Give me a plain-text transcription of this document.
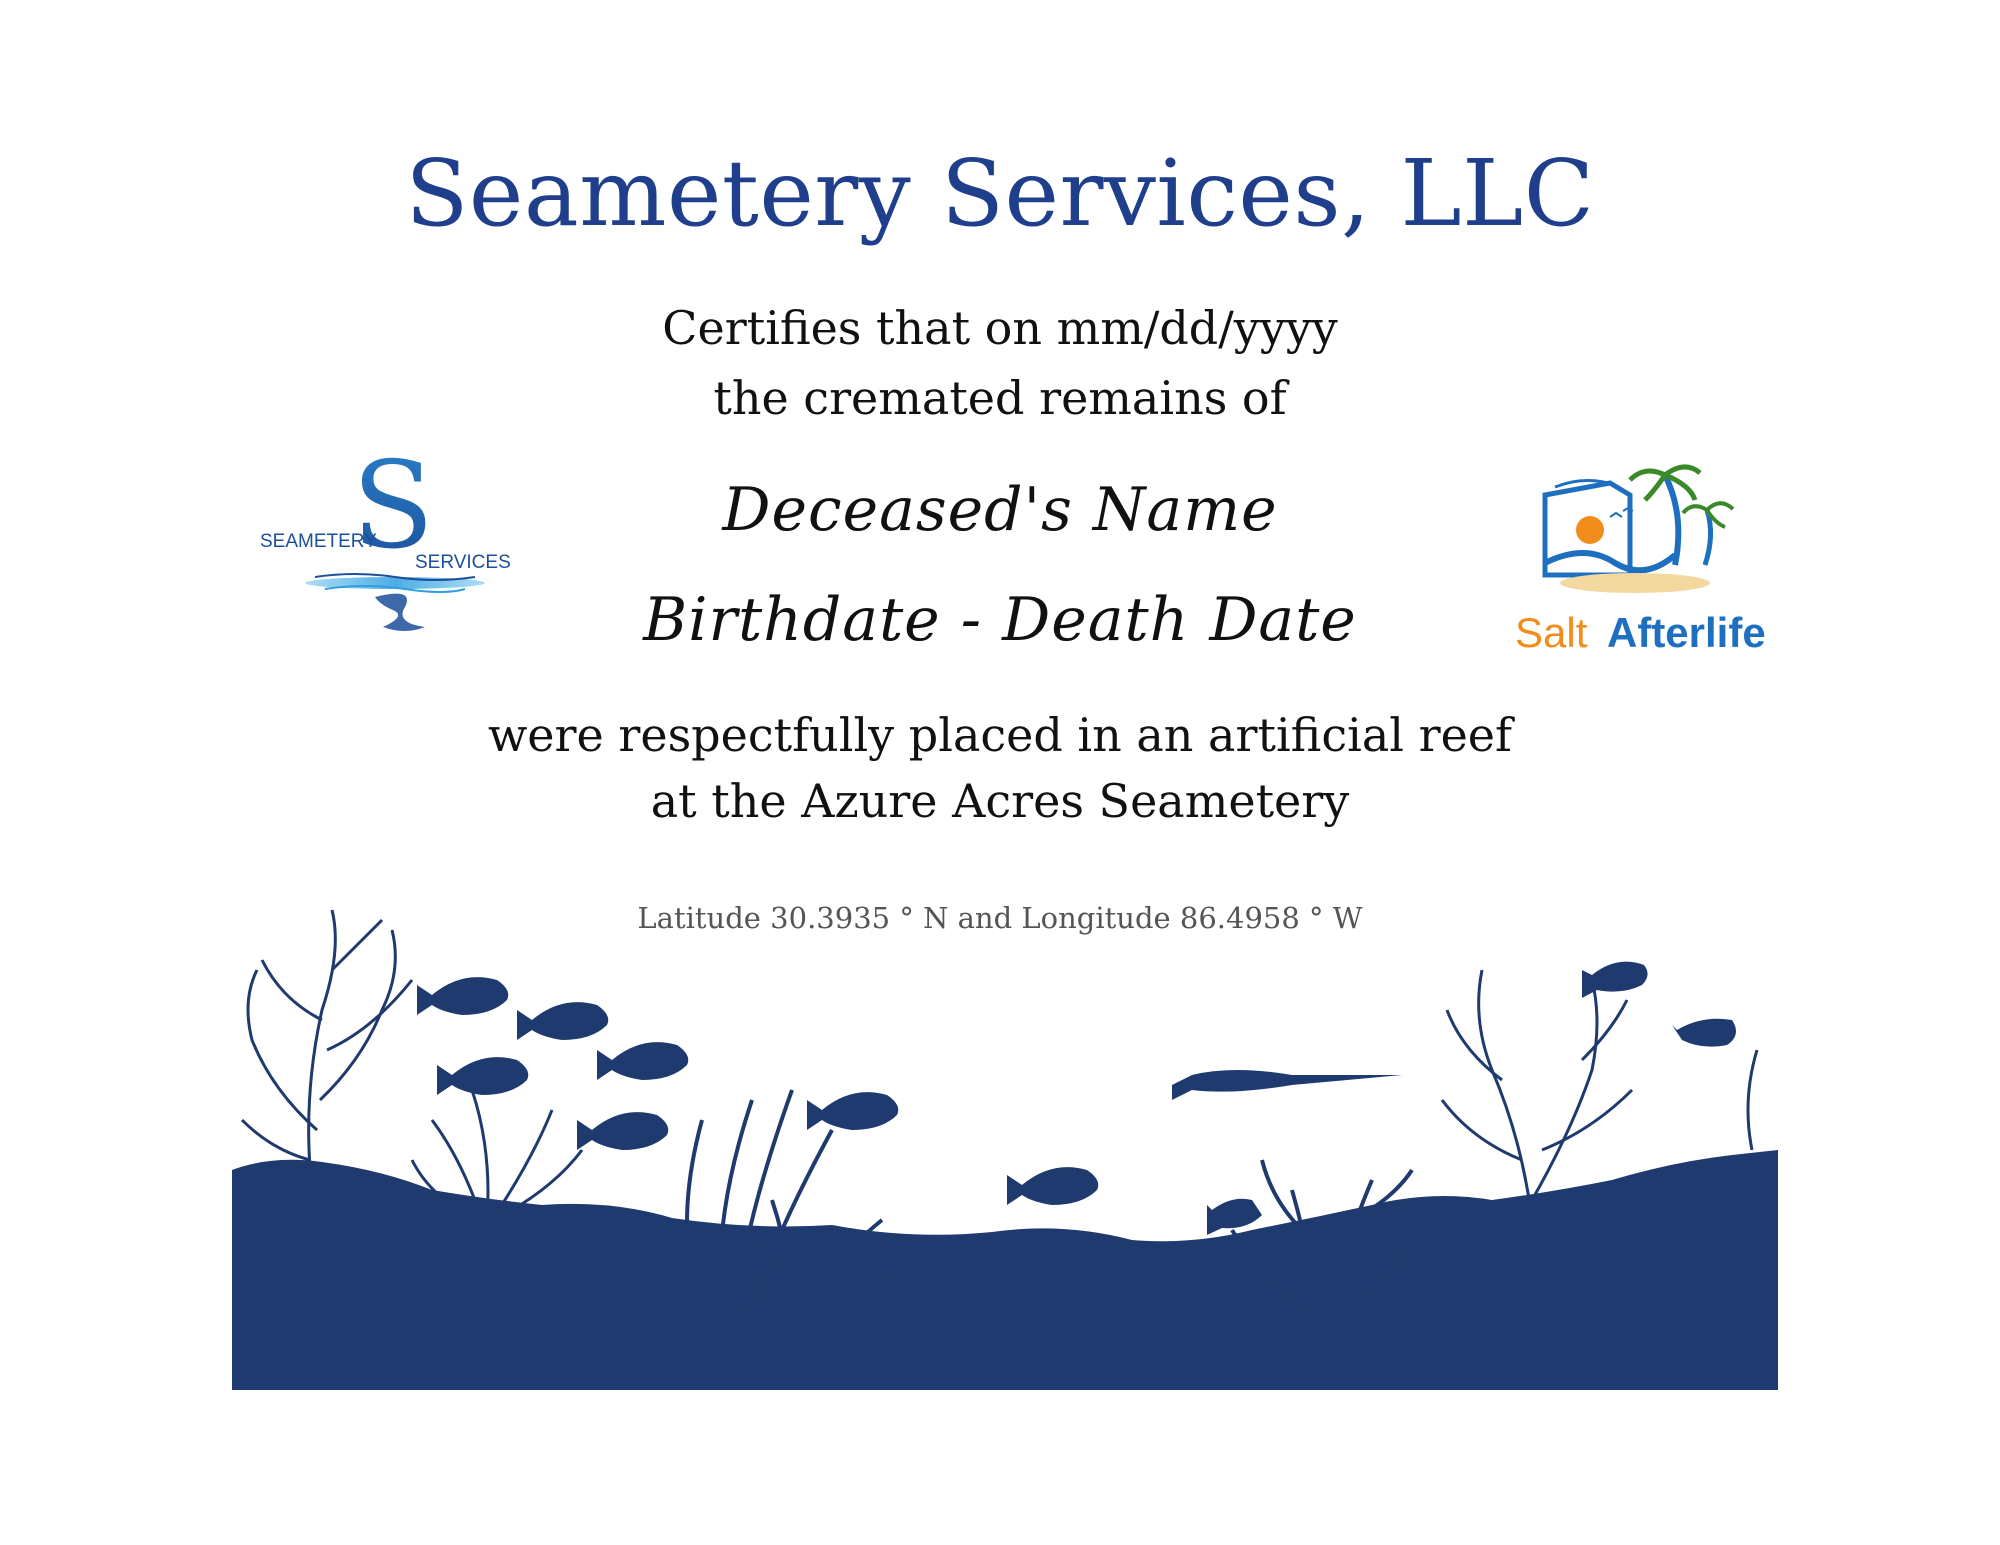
Seametery Services, LLC
Certifies that on mm/dd/yyyy
the cremated remains of
Deceased's Name
Birthdate - Death Date
were respectfully placed in an artificial reef
at the Azure Acres Seametery
Latitude 30.3935 ° N and Longitude 86.4958 ° W
S
SEAMETERY
SERVICES
Salt Afterlife
